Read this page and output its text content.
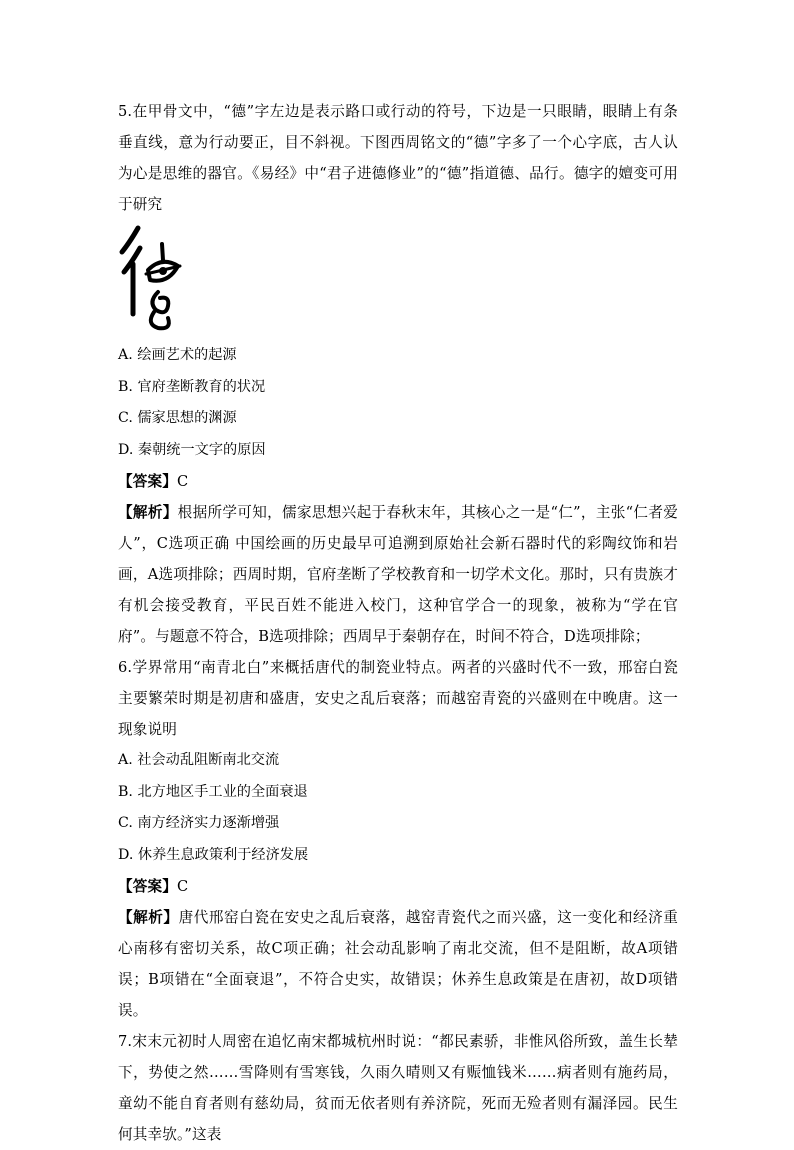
5.在甲骨文中，“德”字左边是表示路口或行动的符号，下边是一只眼睛，眼睛上有条垂直线，意为行动要正，目不斜视。下图西周铭文的“德”字多了一个心字底，古人认为心是思维的器官。《易经》中“君子进德修业”的“德”指道德、品行。德字的嬗变可用于研究

A. 绘画艺术的起源

B. 官府垄断教育的状况

C. 儒家思想的渊源

D. 秦朝统一文字的原因

【答案】C

【解析】根据所学可知，儒家思想兴起于春秋末年，其核心之一是“仁”，主张“仁者爱人”，C选项正确 中国绘画的历史最早可追溯到原始社会新石器时代的彩陶纹饰和岩画，A选项排除；西周时期，官府垄断了学校教育和一切学术文化。那时，只有贵族才有机会接受教育，平民百姓不能进入校门，这种官学合一的现象，被称为“学在官府”。与题意不符合，B选项排除；西周早于秦朝存在，时间不符合，D选项排除；

6.学界常用“南青北白”来概括唐代的制瓷业特点。两者的兴盛时代不一致，邢窑白瓷主要繁荣时期是初唐和盛唐，安史之乱后衰落；而越窑青瓷的兴盛则在中晚唐。这一现象说明

A. 社会动乱阻断南北交流

B. 北方地区手工业的全面衰退

C. 南方经济实力逐渐增强

D. 休养生息政策利于经济发展

【答案】C

【解析】唐代邢窑白瓷在安史之乱后衰落，越窑青瓷代之而兴盛，这一变化和经济重心南移有密切关系，故C项正确；社会动乱影响了南北交流，但不是阻断，故A项错误；B项错在“全面衰退”，不符合史实，故错误；休养生息政策是在唐初，故D项错误。

7.宋末元初时人周密在追忆南宋都城杭州时说：“都民素骄，非惟风俗所致，盖生长辇下，势使之然……雪降则有雪寒钱，久雨久晴则又有赈恤钱米……病者则有施药局，童幼不能自育者则有慈幼局，贫而无依者则有养济院，死而无殓者则有漏泽园。民生何其幸欤。”这表
